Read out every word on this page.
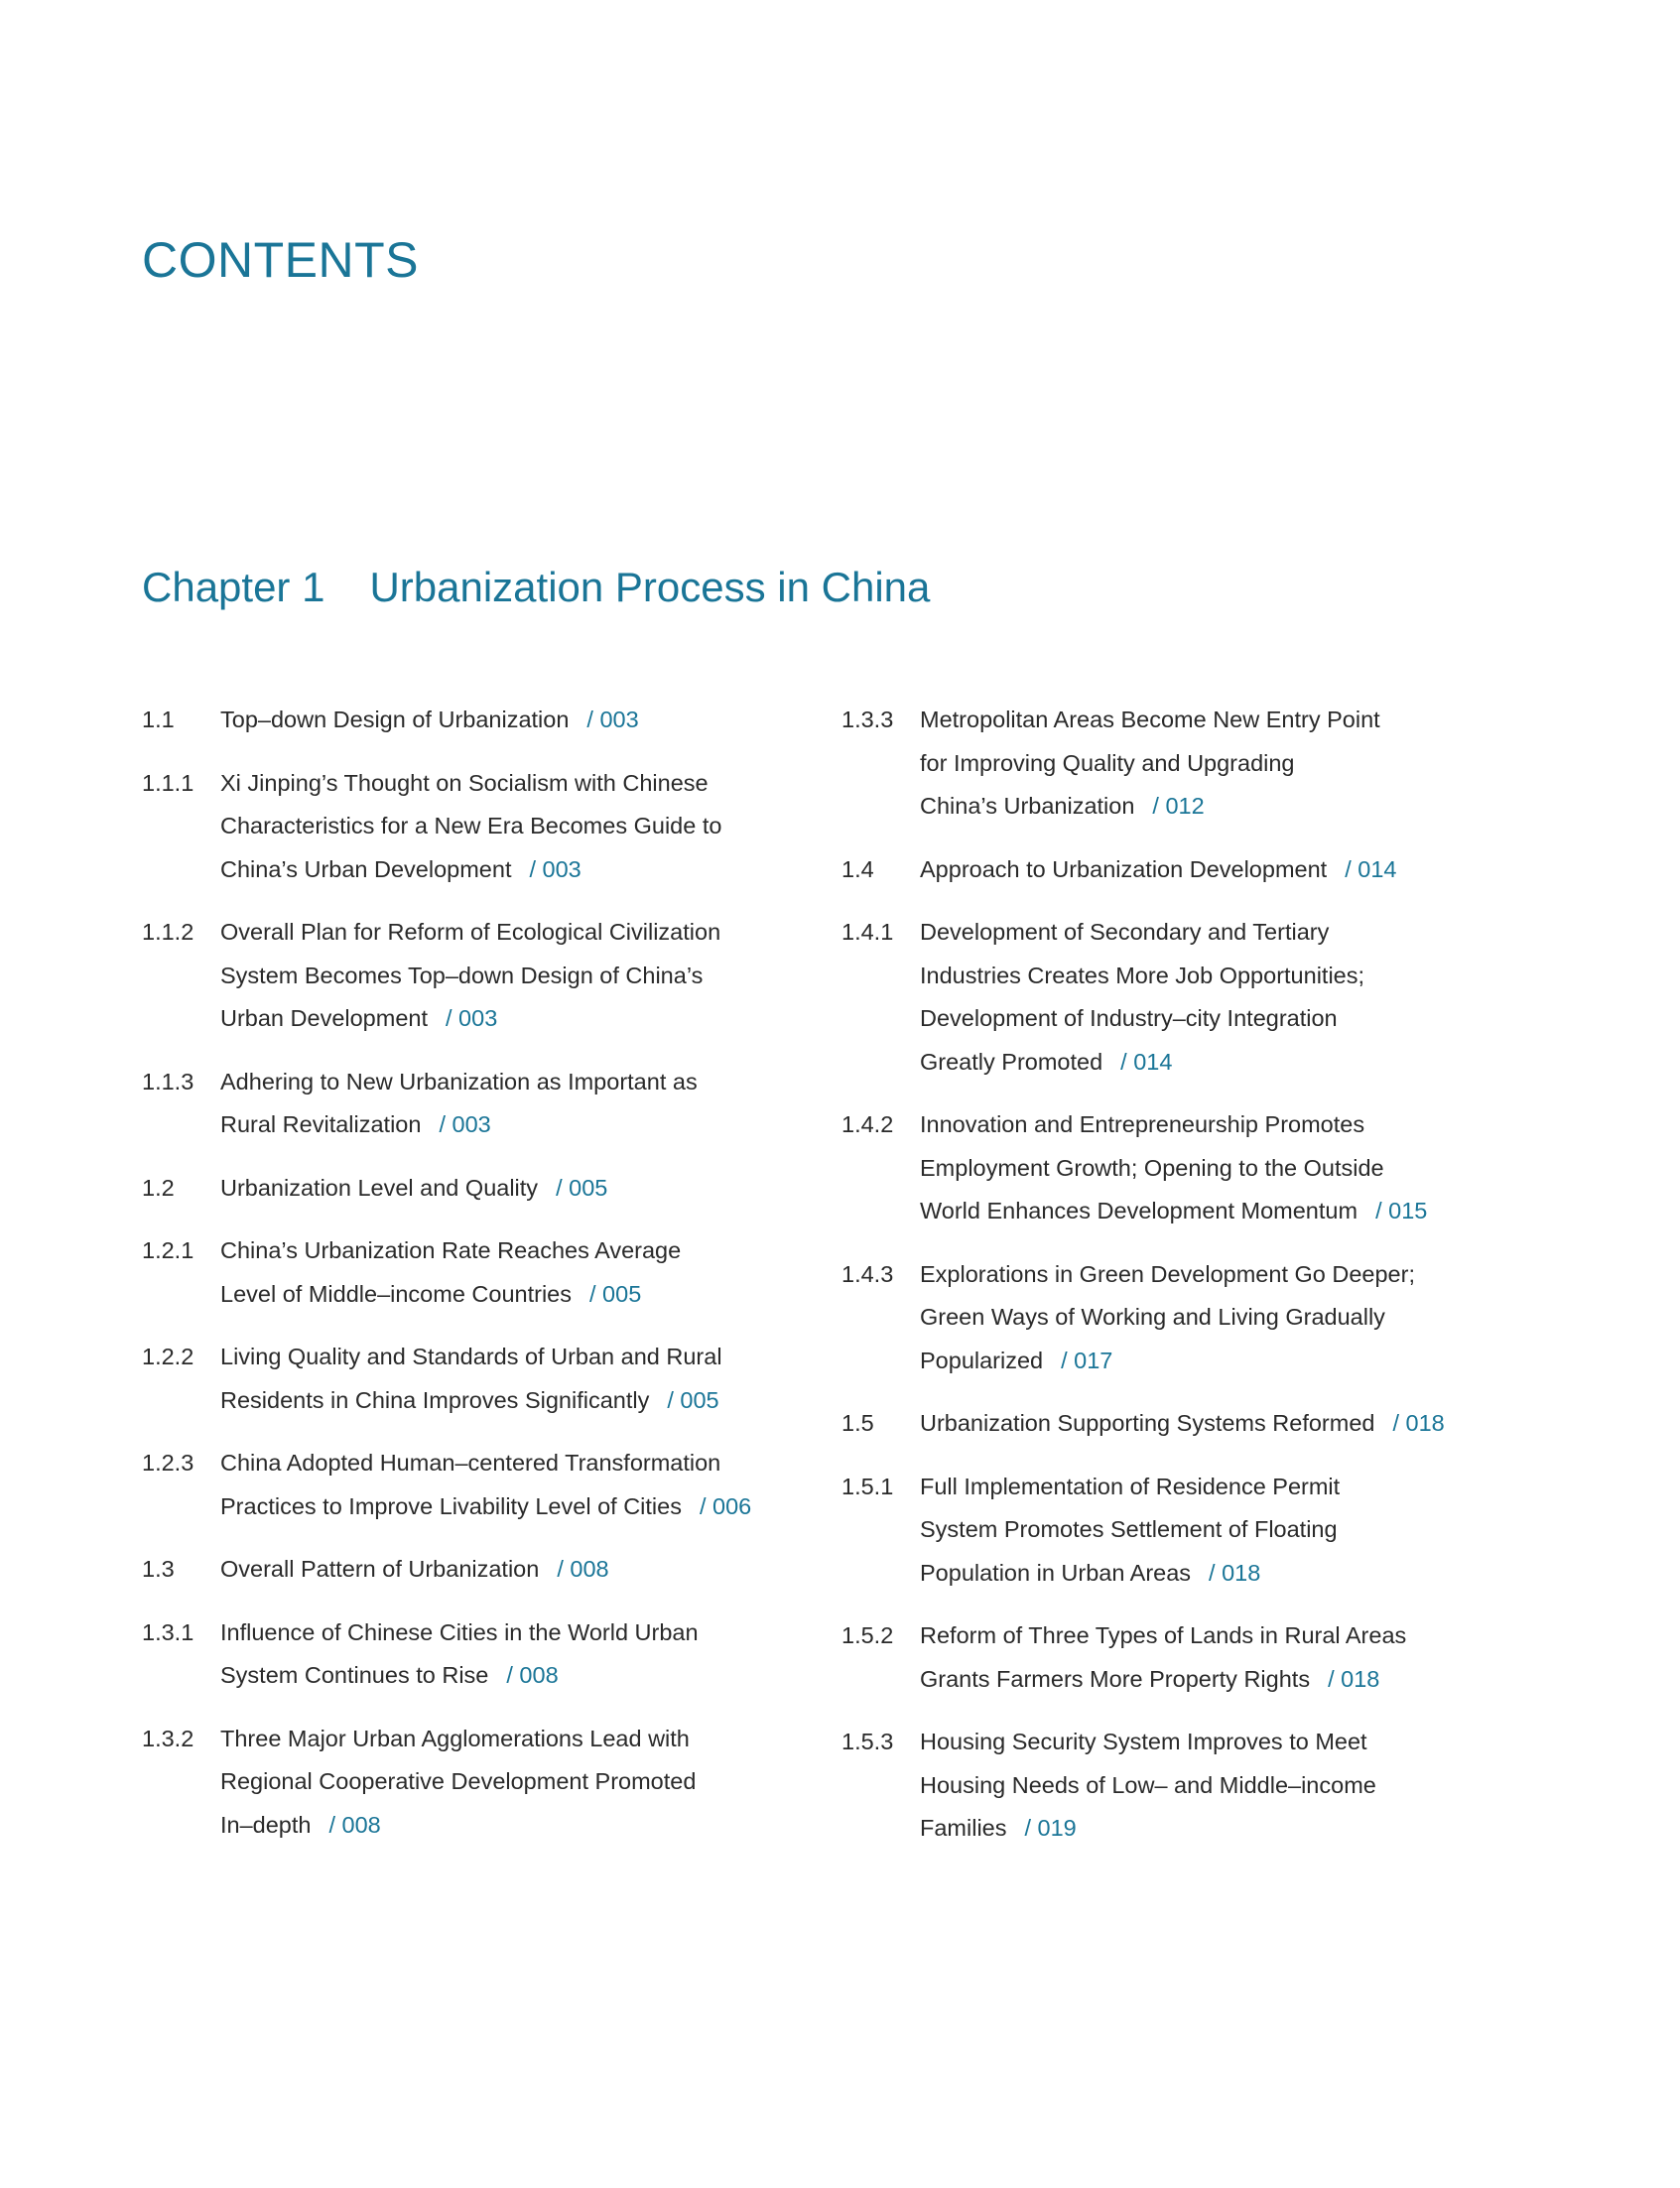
CONTENTS
Chapter 1 Urbanization Process in China
1.1	Top–down Design of Urbanization / 003
1.1.1	Xi Jinping’s Thought on Socialism with Chinese
Characteristics for a New Era Becomes Guide to
China’s Urban Development / 003
1.1.2	Overall Plan for Reform of Ecological Civilization
System Becomes Top–down Design of China’s
Urban Development / 003
1.1.3	Adhering to New Urbanization as Important as
Rural Revitalization / 003
1.2	Urbanization Level and Quality / 005
1.2.1	China’s Urbanization Rate Reaches Average
Level of Middle–income Countries / 005
1.2.2	Living Quality and Standards of Urban and Rural
Residents in China Improves Significantly / 005
1.2.3	China Adopted Human–centered Transformation
Practices to Improve Livability Level of Cities / 006
1.3	Overall Pattern of Urbanization / 008
1.3.1	Influence of Chinese Cities in the World Urban
System Continues to Rise / 008
1.3.2	Three Major Urban Agglomerations Lead with
Regional Cooperative Development Promoted
In–depth / 008
1.3.3	Metropolitan Areas Become New Entry Point
for Improving Quality and Upgrading
China’s Urbanization / 012
1.4	Approach to Urbanization Development / 014
1.4.1	Development of Secondary and Tertiary
Industries Creates More Job Opportunities;
Development of Industry–city Integration
Greatly Promoted / 014
1.4.2	Innovation and Entrepreneurship Promotes
Employment Growth; Opening to the Outside
World Enhances Development Momentum / 015
1.4.3	Explorations in Green Development Go Deeper;
Green Ways of Working and Living Gradually
Popularized / 017
1.5	Urbanization Supporting Systems Reformed / 018
1.5.1	Full Implementation of Residence Permit
System Promotes Settlement of Floating
Population in Urban Areas / 018
1.5.2	Reform of Three Types of Lands in Rural Areas
Grants Farmers More Property Rights / 018
1.5.3	Housing Security System Improves to Meet
Housing Needs of Low– and Middle–income
Families / 019
